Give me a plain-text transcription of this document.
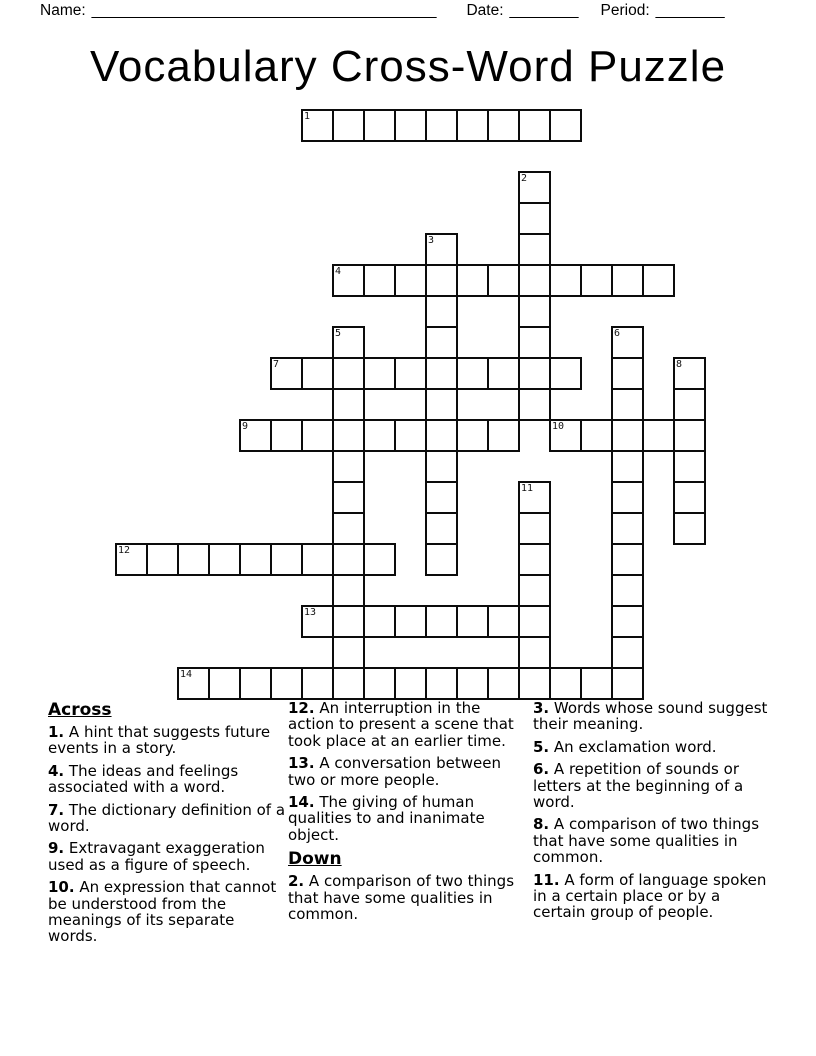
Name: ________________________________________ Date: ________ Period: ________
Vocabulary Cross-Word Puzzle
1
2
3
4
5	6
7	8
9	10
11
12
13
14
Across

1. A hint that suggests future events in a story.

4. The ideas and feelings associated with a word.

7. The dictionary definition of a word.

9. Extravagant exaggeration used as a figure of speech.

10. An expression that cannot be understood from the meanings of its separate words.

12. An interruption in the action to present a scene that took place at an earlier time.

13. A conversation between two or more people.

14. The giving of human qualities to and inanimate object.

Down

2. A comparison of two things that have some qualities in common.

3. Words whose sound suggest their meaning.

5. An exclamation word.

6. A repetition of sounds or letters at the beginning of a word.

8. A comparison of two things that have some qualities in common.

11. A form of language spoken in a certain place or by a certain group of people.
